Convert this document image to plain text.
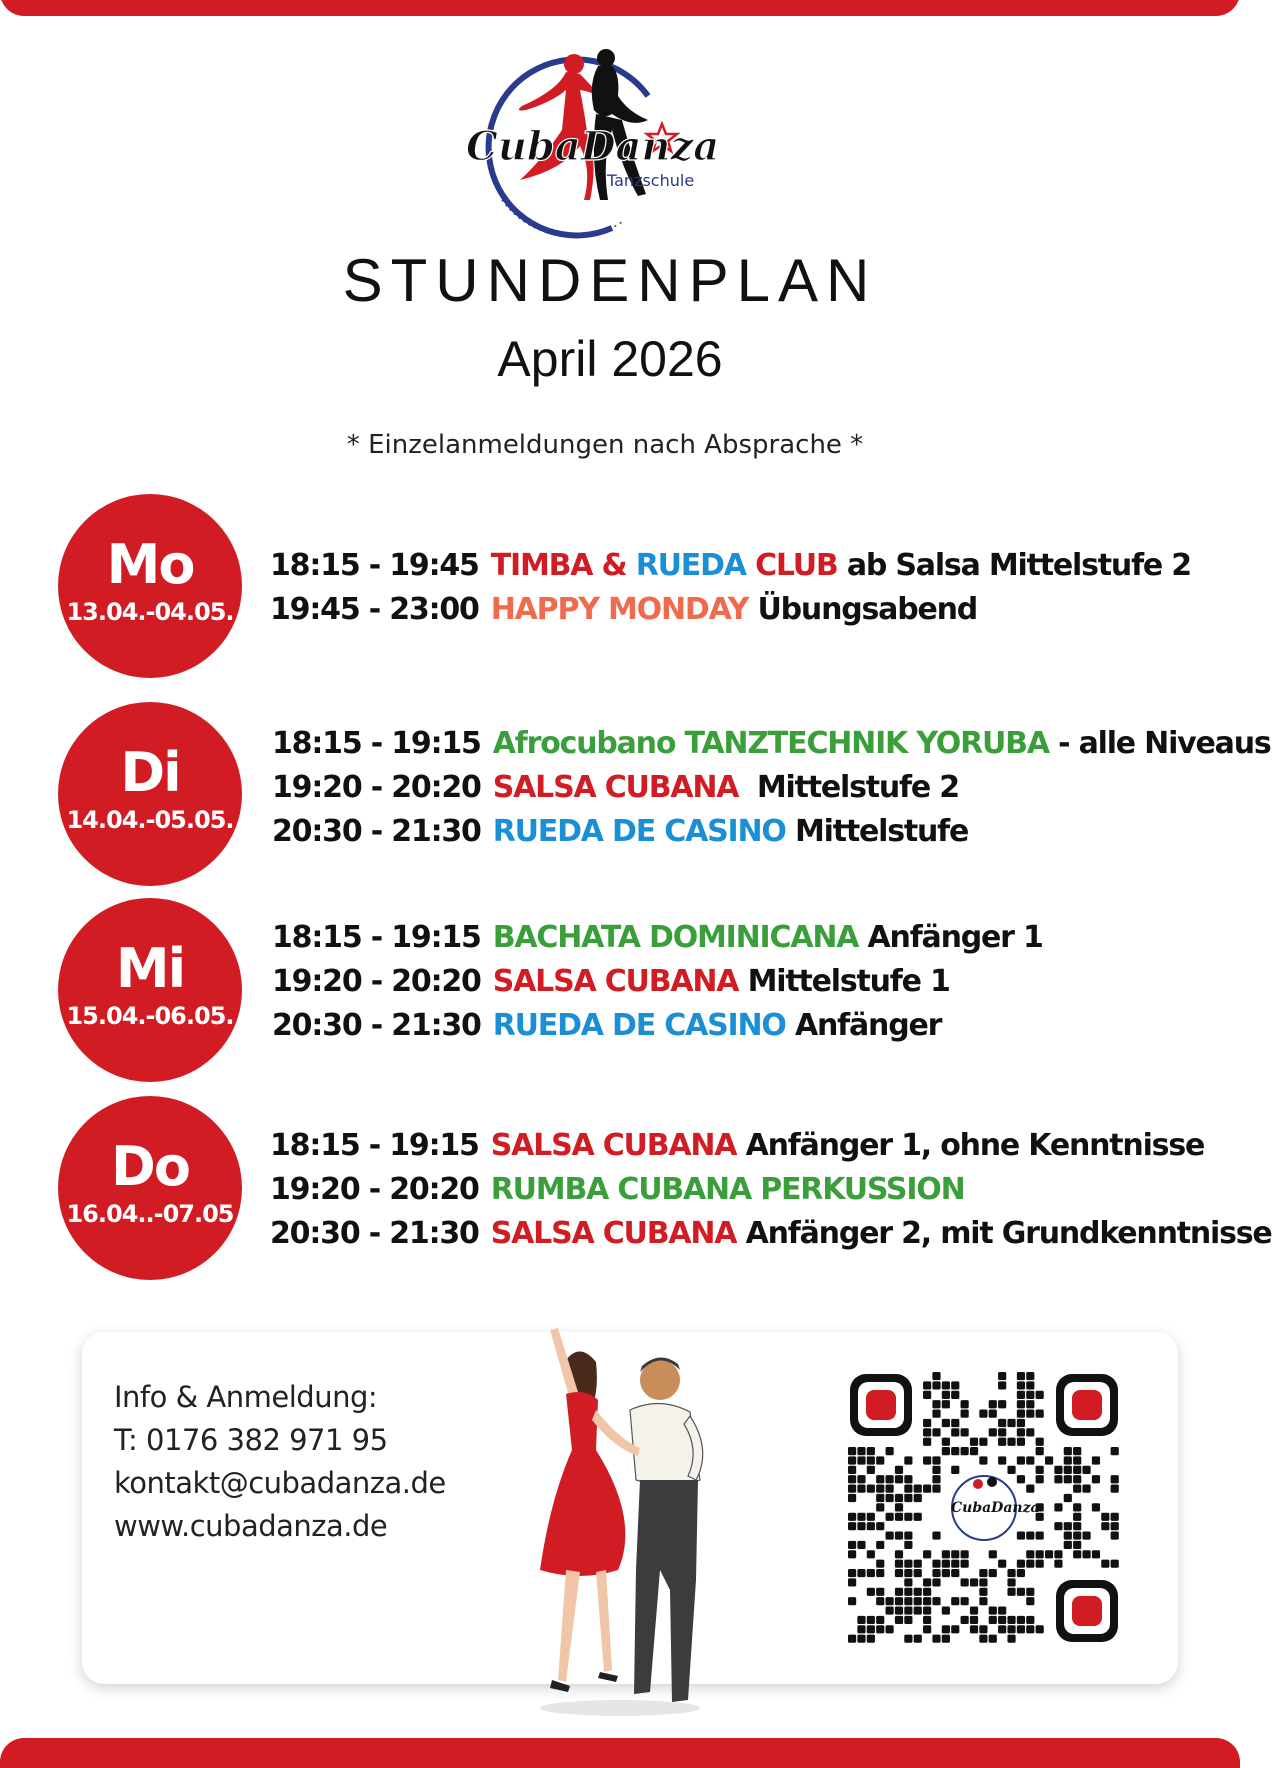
CubaDanza
Tanzschule
STUNDENPLAN
April 2026
* Einzelanmeldungen nach Absprache *
Mo
13.04.-04.05.
Di
14.04.-05.05.
Mi
15.04.-06.05.
Do
16.04..-07.05
18:15 - 19:45 TIMBA & RUEDA CLUB ab Salsa Mittelstufe 2
19:45 - 23:00 HAPPY MONDAY Übungsabend
18:15 - 19:15 Afrocubano TANZTECHNIK YORUBA - alle Niveaus
19:20 - 20:20 SALSA CUBANA  Mittelstufe 2
20:30 - 21:30 RUEDA DE CASINO Mittelstufe
18:15 - 19:15 BACHATA DOMINICANA Anfänger 1
19:20 - 20:20 SALSA CUBANA Mittelstufe 1
20:30 - 21:30 RUEDA DE CASINO Anfänger
18:15 - 19:15 SALSA CUBANA Anfänger 1, ohne Kenntnisse
19:20 - 20:20 RUMBA CUBANA PERKUSSION
20:30 - 21:30 SALSA CUBANA Anfänger 2, mit Grundkenntnisse
Info & Anmeldung:
T: 0176 382 971 95
kontakt@cubadanza.de
www.cubadanza.de
CubaDanza
